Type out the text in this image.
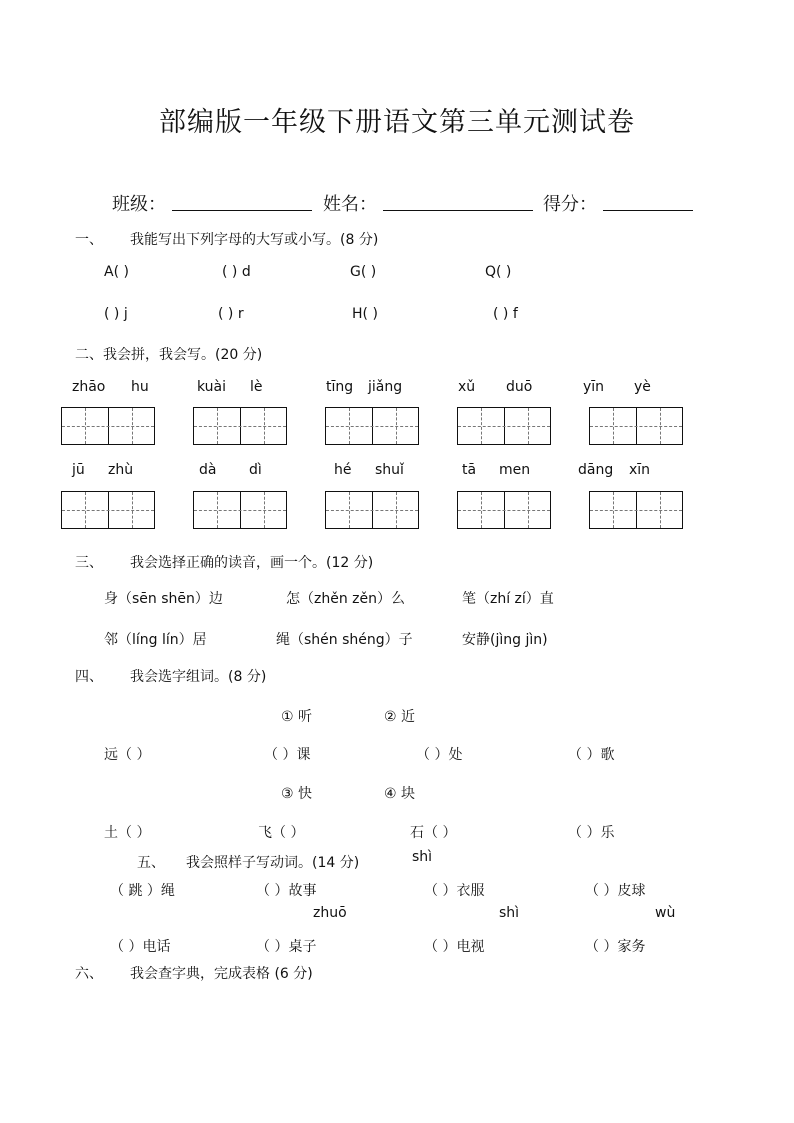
部编版一年级下册语文第三单元测试卷
班级：	姓名：	得分：
一、 我能写出下列字母的大写或小写。(8 分)
A( )	( ) d	G( )	Q( )
( ) j	( ) r	H( )	( ) f
二、我会拼，我会写。(20 分)
zhāo hu	kuài lè	tīng jiǎng	xǔ duō	yīn yè
jū zhù	dà dì	hé shuǐ	tā men	dāng xīn
三、 我会选择正确的读音，画一个。(12 分)
身（sēn shēn）边	怎（zhěn zěn）么	笔（zhí zí）直
邻（líng lín）居	绳（shén shéng）子	安静(jìng jìn)
四、 我会选字组词。(8 分)
① 听	② 近
远（ ）	（ ）课	（ ）处	（ ）歌
③ 快	④ 块
土（ ）	飞（ ）	石（ ）	（ ）乐
五、 我会照样子写动词。(14 分)	shì
（ 跳 ）绳	（ ）故事	（ ）衣服	（ ）皮球
zhuō	shì	wù
（ ）电话	（ ）桌子	（ ）电视	（ ）家务
六、 我会查字典，完成表格 (6 分)
